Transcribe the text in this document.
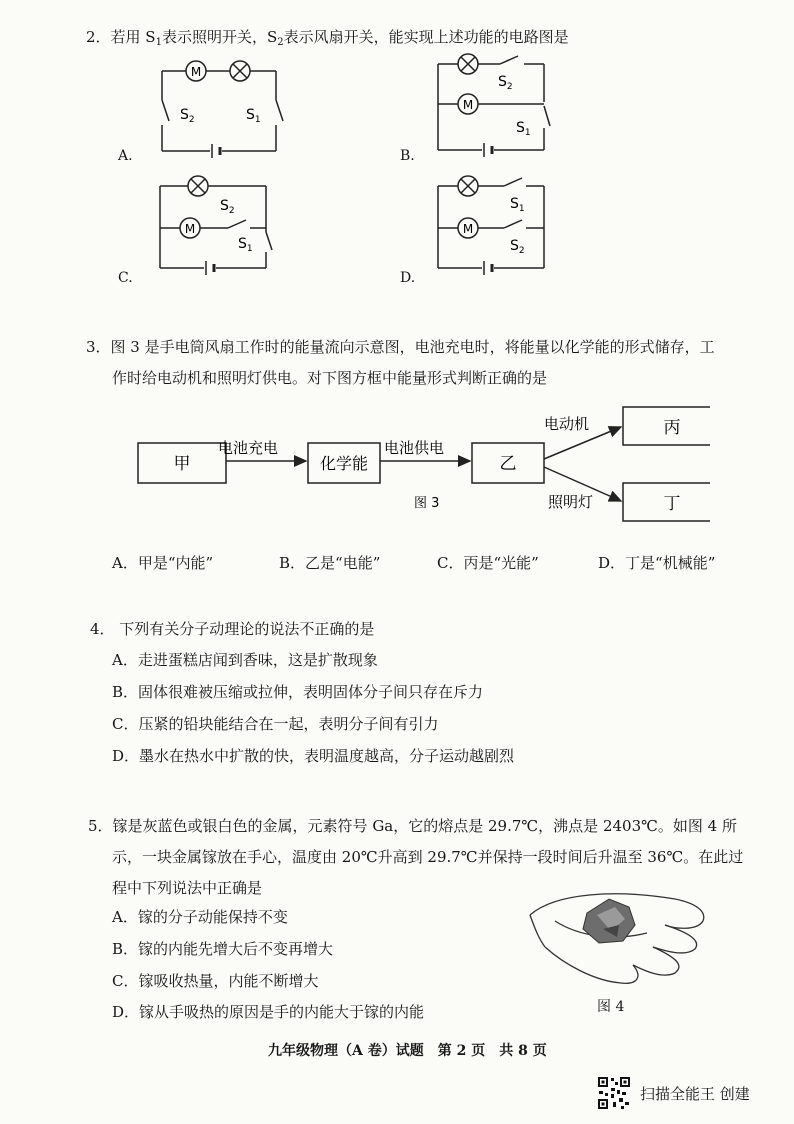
2．若用 $S_1$表示照明开关，$S_2$表示风扇开关，能实现上述功能的电路图是
A.
M
$S_2$	$S_1$
B.
M
$S_2$
$S_1$
C.
M
$S_2$
$S_1$
D.
M
$S_1$
$S_2$
3．图 3 是手电筒风扇工作时的能量流向示意图，电池充电时，将能量以化学能的形式储存，工
作时给电动机和照明灯供电。对下图方框中能量形式判断正确的是
甲	化学能	乙
丙
丁
电池充电	电池供电
电动机
照明灯
图 3
A．甲是“内能”	B．乙是“电能”	C．丙是“光能”	D．丁是“机械能”
4． 下列有关分子动理论的说法不正确的是
A．走进蛋糕店闻到香味，这是扩散现象
B．固体很难被压缩或拉伸，表明固体分子间只存在斥力
C．压紧的铅块能结合在一起，表明分子间有引力
D．墨水在热水中扩散的快，表明温度越高，分子运动越剧烈
5．镓是灰蓝色或银白色的金属，元素符号 Ga，它的熔点是 29.7℃，沸点是 2403℃。如图 4 所
示，一块金属镓放在手心，温度由 20℃升高到 29.7℃并保持一段时间后升温至 36℃。在此过
程中下列说法中正确是
A．镓的分子动能保持不变
B．镓的内能先增大后不变再增大
C．镓吸收热量，内能不断增大
D．镓从手吸热的原因是手的内能大于镓的内能	图 4
九年级物理（A 卷）试题　第 2 页　共 8 页
扫描全能王 创建
